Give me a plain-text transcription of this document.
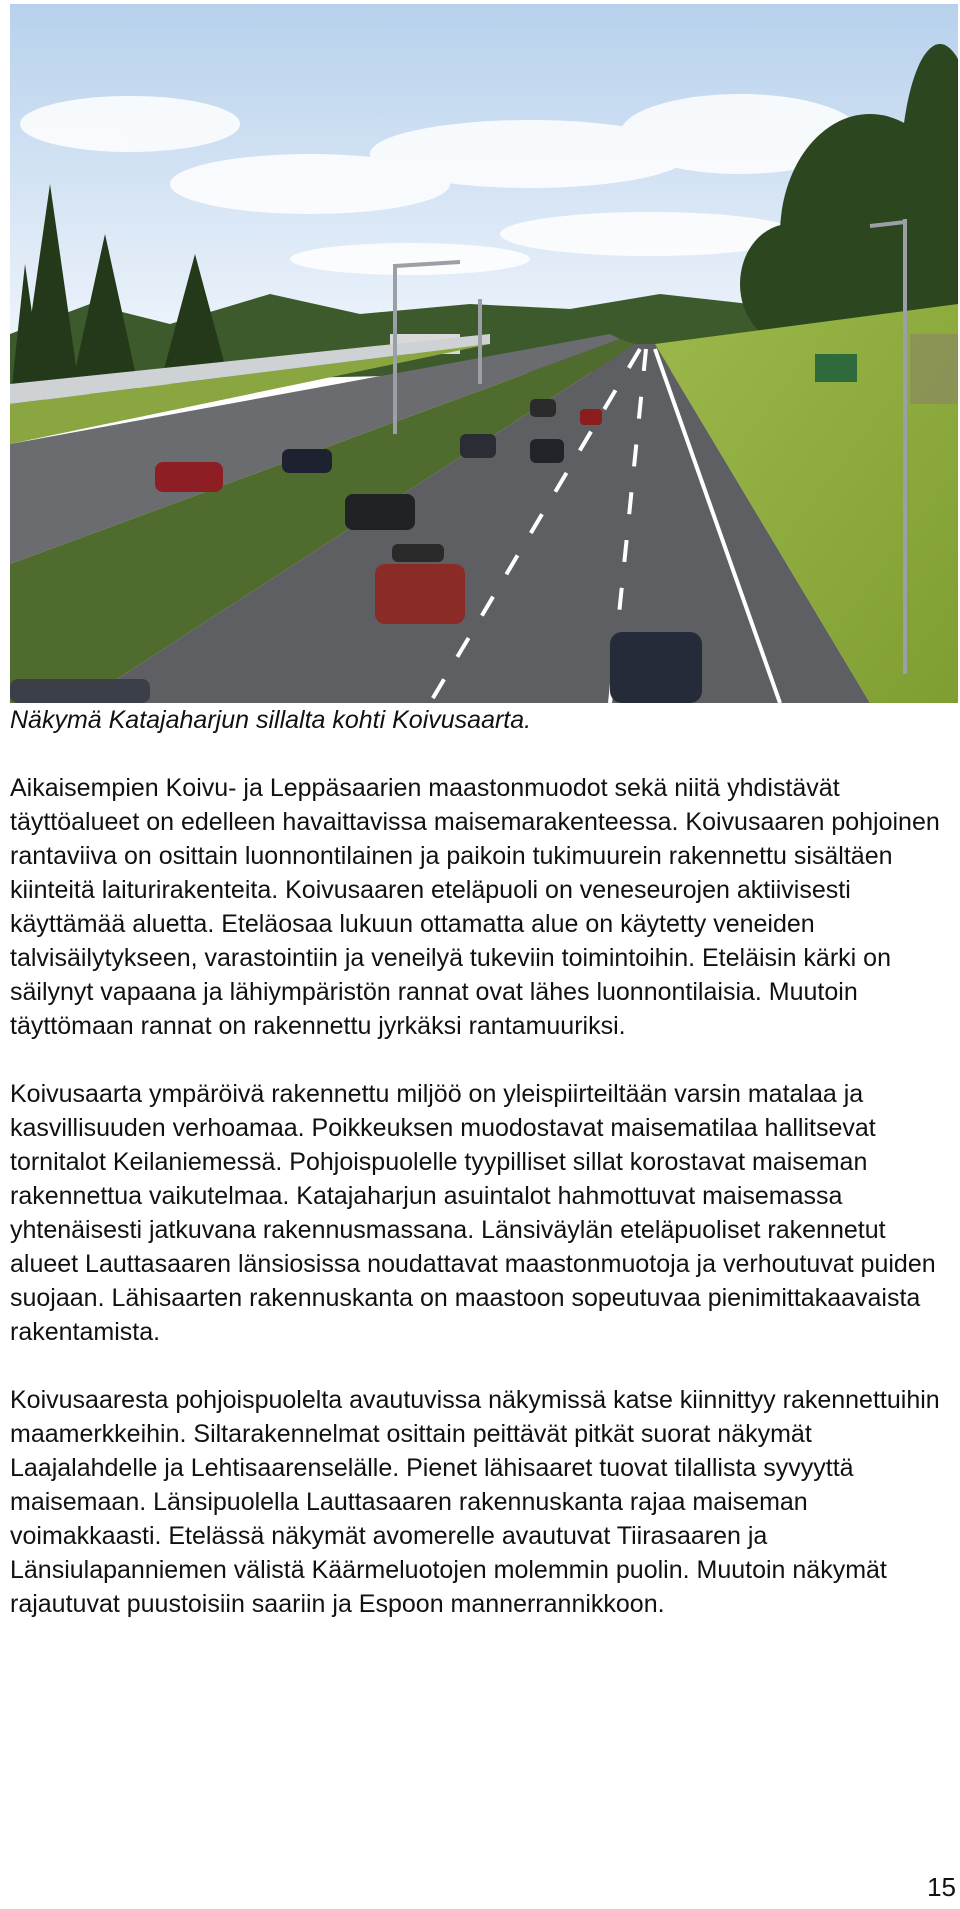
Näkymä Katajaharjun sillalta kohti Koivusaarta.

Aikaisempien Koivu- ja Leppäsaarien maastonmuodot sekä niitä yhdistävät täyttöalueet on edelleen havaittavissa maisemarakenteessa. Koivusaaren pohjoinen rantaviiva on osittain luonnontilainen ja paikoin tukimuurein rakennettu sisältäen kiinteitä laiturirakenteita. Koivusaaren eteläpuoli on veneseurojen aktiivisesti käyttämää aluetta. Eteläosaa lukuun ottamatta alue on käytetty veneiden talvisäilytykseen, varastointiin ja veneilyä tukeviin toimintoihin. Eteläisin kärki on säilynyt vapaana ja lähiympäristön rannat ovat lähes luonnontilaisia. Muutoin täyttömaan rannat on rakennettu jyrkäksi rantamuuriksi.

Koivusaarta ympäröivä rakennettu miljöö on yleispiirteiltään varsin matalaa ja kasvillisuuden verhoamaa. Poikkeuksen muodostavat maisematilaa hallitsevat tornitalot Keilaniemessä. Pohjoispuolelle tyypilliset sillat korostavat maiseman rakennettua vaikutelmaa. Katajaharjun asuintalot hahmottuvat maisemassa yhtenäisesti jatkuvana rakennusmassana. Länsiväylän eteläpuoliset rakennetut alueet Lauttasaaren länsiosissa noudattavat maastonmuotoja ja verhoutuvat puiden suojaan. Lähisaarten rakennuskanta on maastoon sopeutuvaa pienimittakaavaista rakentamista.

Koivusaaresta pohjoispuolelta avautuvissa näkymissä katse kiinnittyy rakennettuihin maamerkkeihin. Siltarakennelmat osittain peittävät pitkät suorat näkymät Laajalahdelle ja Lehtisaarenselälle. Pienet lähisaaret tuovat tilallista syvyyttä maisemaan. Länsipuolella Lauttasaaren rakennuskanta rajaa maiseman voimakkaasti. Etelässä näkymät avomerelle avautuvat Tiirasaaren ja Länsiulapanniemen välistä Käärmeluotojen molemmin puolin. Muutoin näkymät rajautuvat puustoisiin saariin ja Espoon mannerrannikkoon.

15
